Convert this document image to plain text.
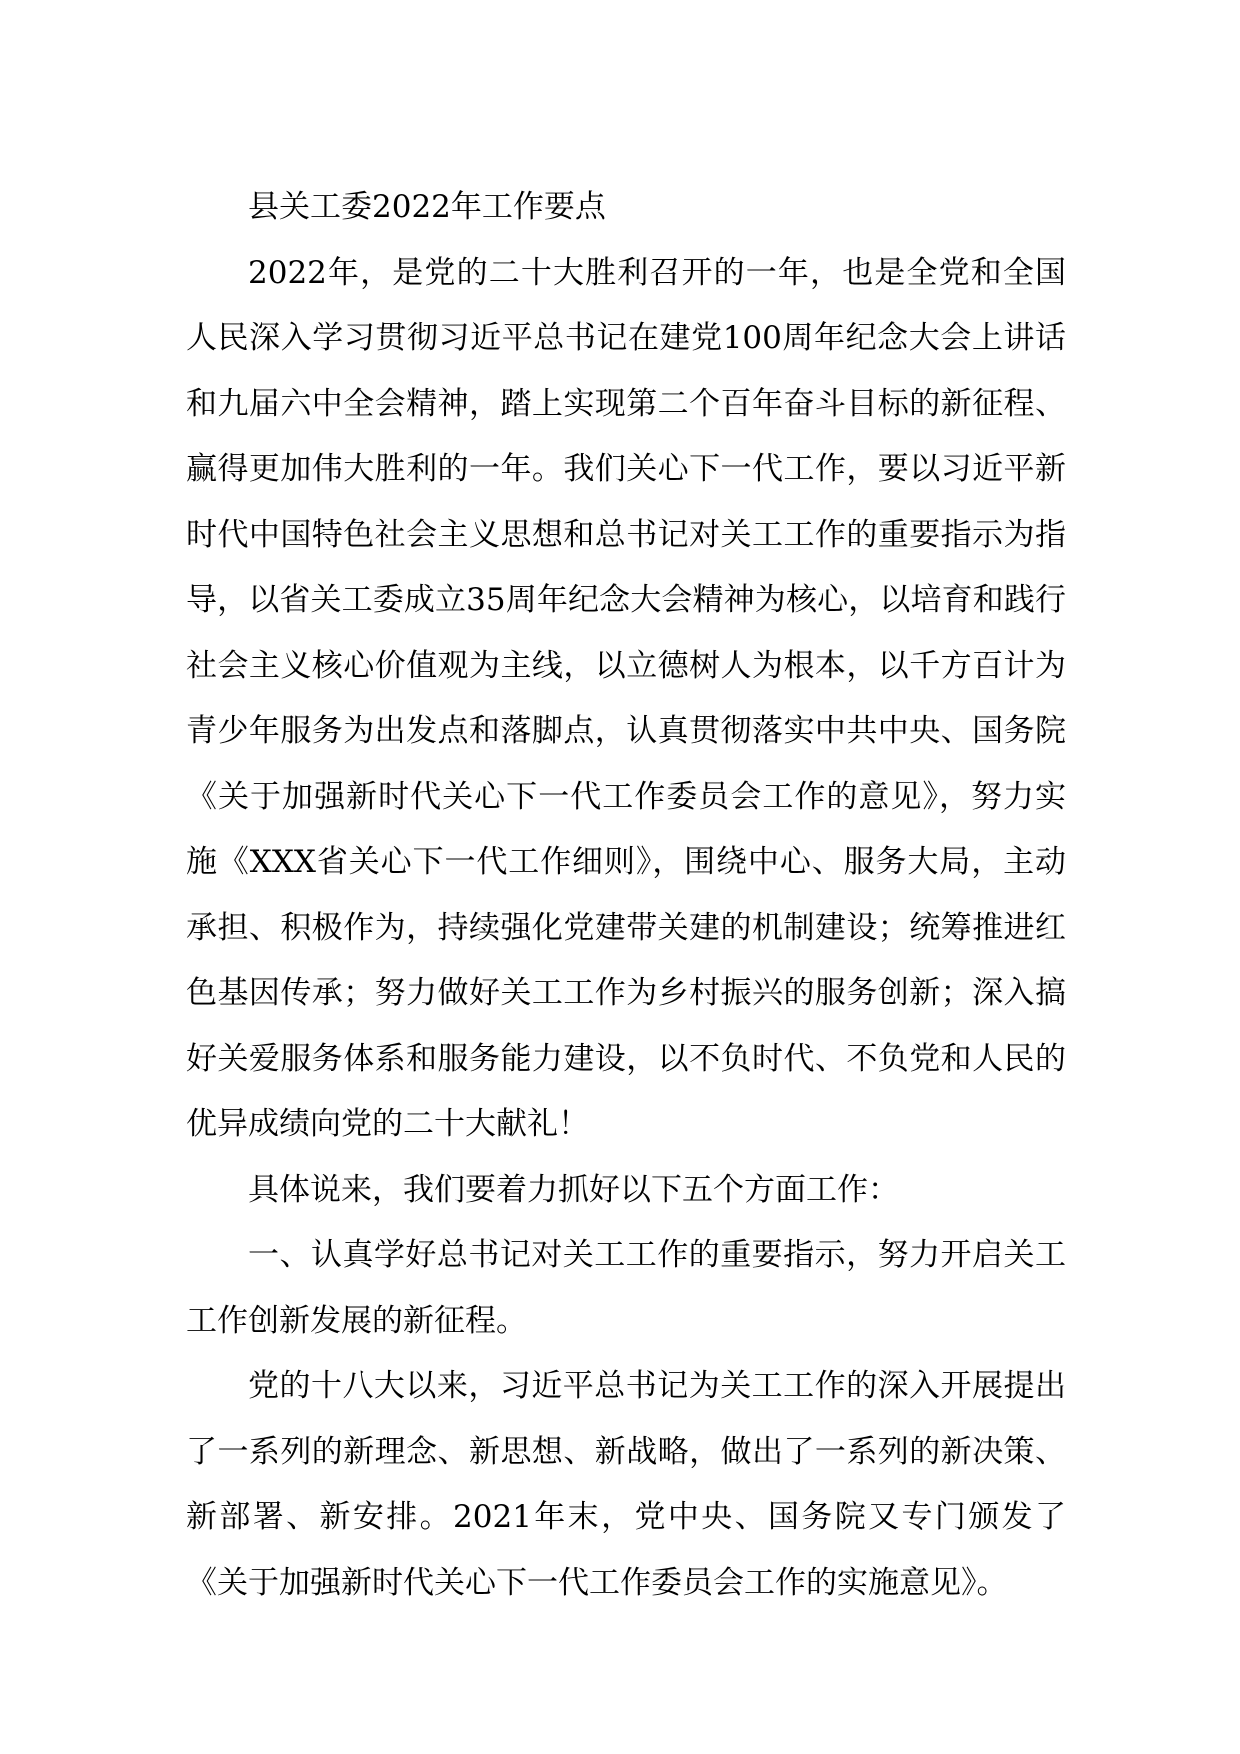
县关工委2022年工作要点

2022年，是党的二十大胜利召开的一年，也是全党和全国人民深入学习贯彻习近平总书记在建党100周年纪念大会上讲话和九届六中全会精神，踏上实现第二个百年奋斗目标的新征程、赢得更加伟大胜利的一年。我们关心下一代工作，要以习近平新时代中国特色社会主义思想和总书记对关工工作的重要指示为指导，以省关工委成立35周年纪念大会精神为核心，以培育和践行社会主义核心价值观为主线，以立德树人为根本，以千方百计为青少年服务为出发点和落脚点，认真贯彻落实中共中央、国务院《关于加强新时代关心下一代工作委员会工作的意见》，努力实施《XXX省关心下一代工作细则》，围绕中心、服务大局，主动承担、积极作为，持续强化党建带关建的机制建设；统筹推进红色基因传承；努力做好关工工作为乡村振兴的服务创新；深入搞好关爱服务体系和服务能力建设，以不负时代、不负党和人民的优异成绩向党的二十大献礼！

具体说来，我们要着力抓好以下五个方面工作：

一、认真学好总书记对关工工作的重要指示，努力开启关工工作创新发展的新征程。

党的十八大以来，习近平总书记为关工工作的深入开展提出了一系列的新理念、新思想、新战略，做出了一系列的新决策、新部署、新安排。2021年末，党中央、国务院又专门颁发了《关于加强新时代关心下一代工作委员会工作的实施意见》。
